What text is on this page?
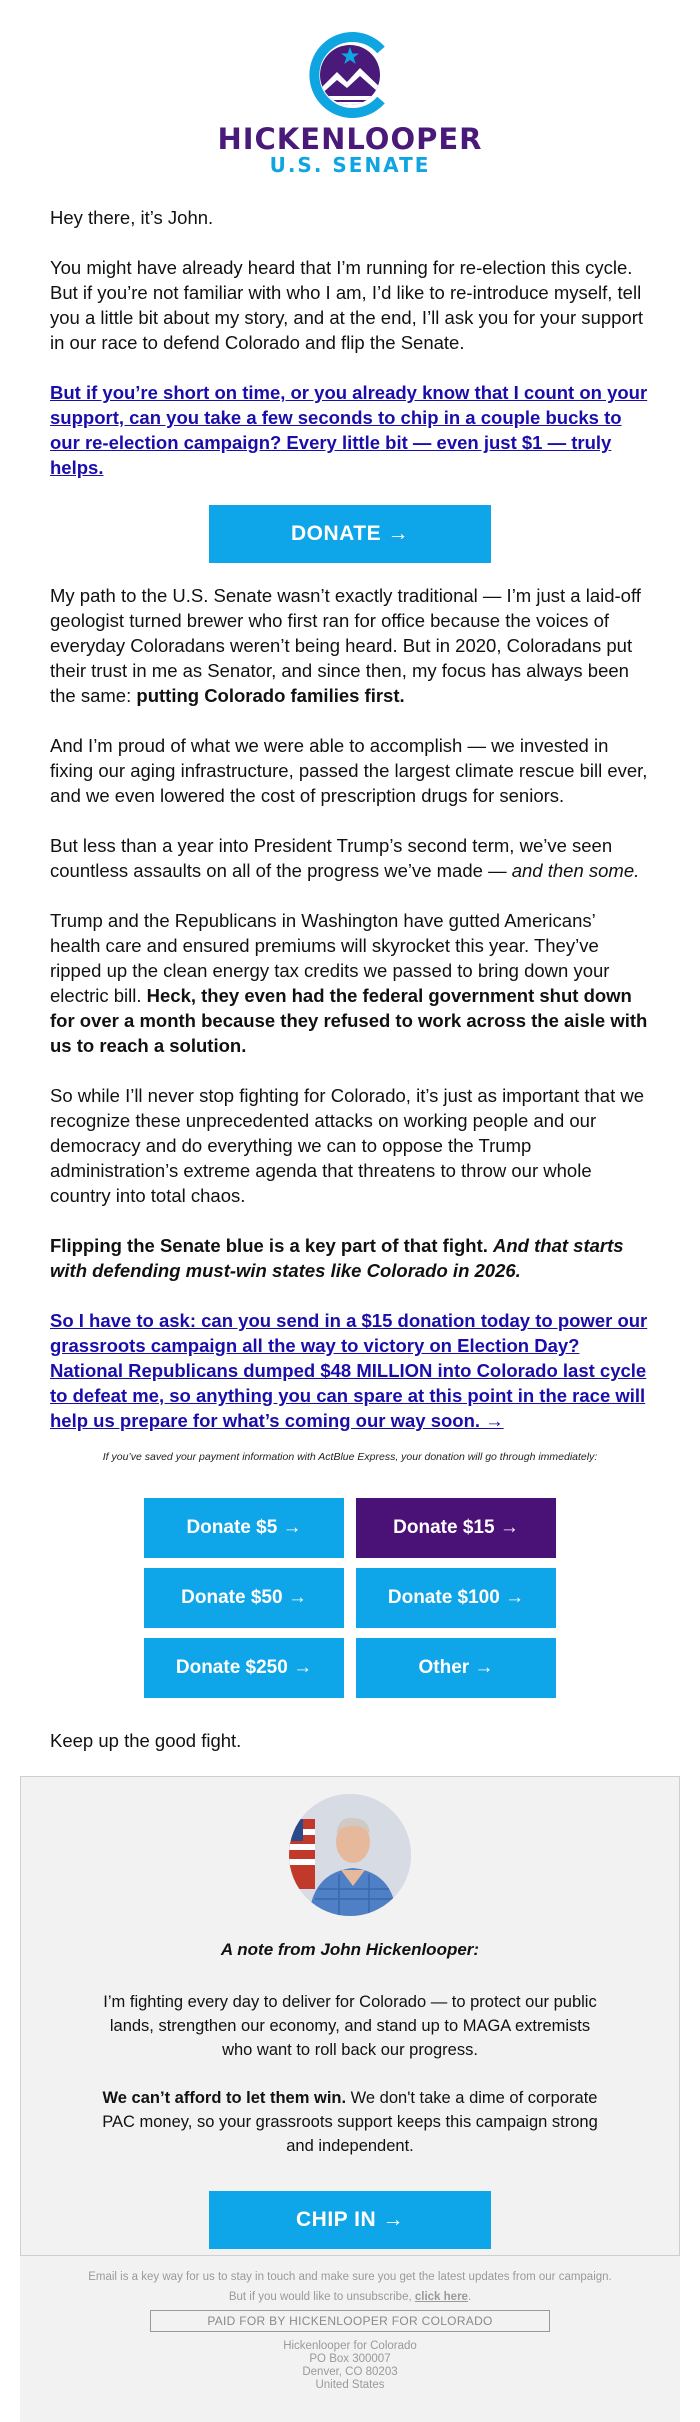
HICKENLOOPER
U.S. SENATE

Hey there, it’s John.

You might have already heard that I’m running for re-election this cycle. But if you’re not familiar with who I am, I’d like to re-introduce myself, tell you a little bit about my story, and at the end, I’ll ask you for your support in our race to defend Colorado and flip the Senate.

But if you’re short on time, or you already know that I count on your support, can you take a few seconds to chip in a couple bucks to our re-election campaign? Every little bit — even just $1 — truly helps.

DONATE →

My path to the U.S. Senate wasn’t exactly traditional — I’m just a laid-off geologist turned brewer who first ran for office because the voices of everyday Coloradans weren’t being heard. But in 2020, Coloradans put their trust in me as Senator, and since then, my focus has always been the same: putting Colorado families first.

And I’m proud of what we were able to accomplish — we invested in fixing our aging infrastructure, passed the largest climate rescue bill ever, and we even lowered the cost of prescription drugs for seniors.

But less than a year into President Trump’s second term, we’ve seen countless assaults on all of the progress we’ve made — and then some.

Trump and the Republicans in Washington have gutted Americans’ health care and ensured premiums will skyrocket this year. They’ve ripped up the clean energy tax credits we passed to bring down your electric bill. Heck, they even had the federal government shut down for over a month because they refused to work across the aisle with us to reach a solution.

So while I’ll never stop fighting for Colorado, it’s just as important that we recognize these unprecedented attacks on working people and our democracy and do everything we can to oppose the Trump administration’s extreme agenda that threatens to throw our whole country into total chaos.

Flipping the Senate blue is a key part of that fight. And that starts with defending must-win states like Colorado in 2026.

So I have to ask: can you send in a $15 donation today to power our grassroots campaign all the way to victory on Election Day? National Republicans dumped $48 MILLION into Colorado last cycle to defeat me, so anything you can spare at this point in the race will help us prepare for what’s coming our way soon. →

If you’ve saved your payment information with ActBlue Express, your donation will go through immediately:
Donate $5 →	Donate $15 →
Donate $50 →	Donate $100 →
Donate $250 →	Other →

Keep up the good fight.

A note from John Hickenlooper:
I’m fighting every day to deliver for Colorado — to protect our public lands, strengthen our economy, and stand up to MAGA extremists who want to roll back our progress.
We can’t afford to let them win. We don't take a dime of corporate PAC money, so your grassroots support keeps this campaign strong and independent.
CHIP IN →

Email is a key way for us to stay in touch and make sure you get the latest updates from our campaign.

But if you would like to unsubscribe, click here.

PAID FOR BY HICKENLOOPER FOR COLORADO
Hickenlooper for Colorado
PO Box 300007
Denver, CO 80203
United States
